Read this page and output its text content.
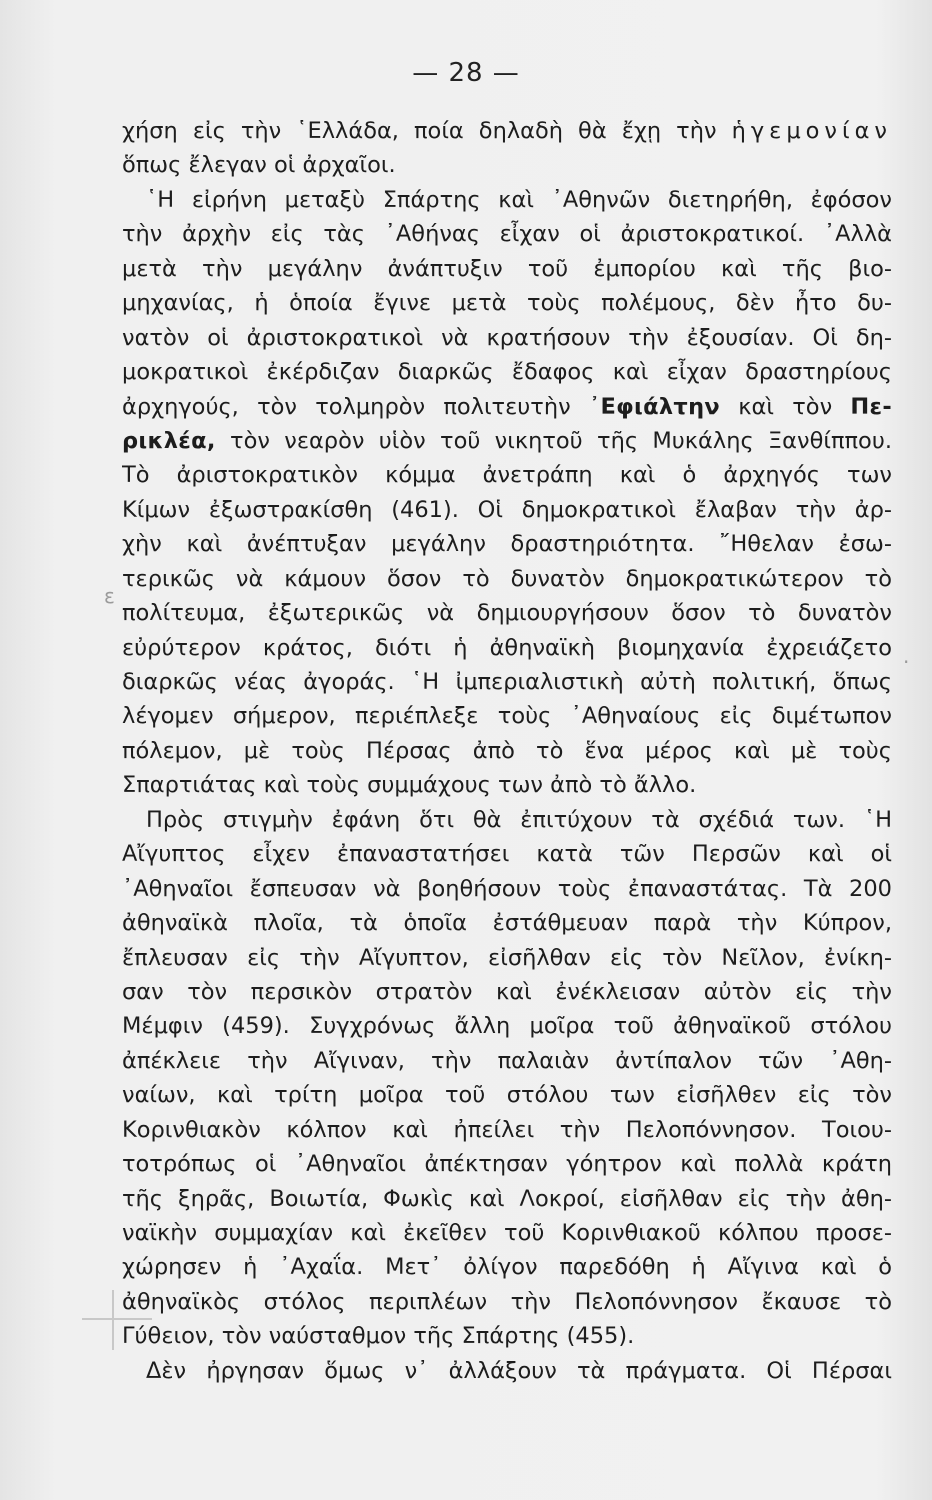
— 28 —
ε
·
χήση εἰς τὴν ῾Ελλάδα, ποία δηλαδὴ θὰ ἔχῃ τὴν ἡγεμονίαν
ὅπως ἔλεγαν οἱ ἀρχαῖοι.
῾Η εἰρήνη μεταξὺ Σπάρτης καὶ ᾿Αθηνῶν διετηρήθη, ἐφόσον
τὴν ἀρχὴν εἰς τὰς ᾿Αθήνας εἶχαν οἱ ἀριστοκρατικοί. ᾿Αλλὰ
μετὰ τὴν μεγάλην ἀνάπτυξιν τοῦ ἐμπορίου καὶ τῆς βιο-
μηχανίας, ἡ ὁποία ἔγινε μετὰ τοὺς πολέμους, δὲν ἦτο δυ-
νατὸν οἱ ἀριστοκρατικοὶ νὰ κρατήσουν τὴν ἐξουσίαν. Οἱ δη-
μοκρατικοὶ ἐκέρδιζαν διαρκῶς ἔδαφος καὶ εἶχαν δραστηρίους
ἀρχηγούς, τὸν τολμηρὸν πολιτευτὴν ᾿Εφιάλτην καὶ τὸν Πε-
ρικλέα, τὸν νεαρὸν υἱὸν τοῦ νικητοῦ τῆς Μυκάλης Ξανθίππου.
Τὸ ἀριστοκρατικὸν κόμμα ἀνετράπη καὶ ὁ ἀρχηγός των
Κίμων ἐξωστρακίσθη (461). Οἱ δημοκρατικοὶ ἔλαβαν τὴν ἀρ-
χὴν καὶ ἀνέπτυξαν μεγάλην δραστηριότητα. ῎Ηθελαν ἐσω-
τερικῶς νὰ κάμουν ὅσον τὸ δυνατὸν δημοκρατικώτερον τὸ
πολίτευμα, ἐξωτερικῶς νὰ δημιουργήσουν ὅσον τὸ δυνατὸν
εὐρύτερον κράτος, διότι ἡ ἀθηναϊκὴ βιομηχανία ἐχρειάζετο
διαρκῶς νέας ἀγοράς. ῾Η ἰμπεριαλιστικὴ αὐτὴ πολιτική, ὅπως
λέγομεν σήμερον, περιέπλεξε τοὺς ᾿Αθηναίους εἰς διμέτωπον
πόλεμον, μὲ τοὺς Πέρσας ἀπὸ τὸ ἕνα μέρος καὶ μὲ τοὺς
Σπαρτιάτας καὶ τοὺς συμμάχους των ἀπὸ τὸ ἄλλο.
Πρὸς στιγμὴν ἐφάνη ὅτι θὰ ἐπιτύχουν τὰ σχέδιά των. ῾Η
Αἴγυπτος εἶχεν ἐπαναστατήσει κατὰ τῶν Περσῶν καὶ οἱ
᾿Αθηναῖοι ἔσπευσαν νὰ βοηθήσουν τοὺς ἐπαναστάτας. Τὰ 200
ἀθηναϊκὰ πλοῖα, τὰ ὁποῖα ἐστάθμευαν παρὰ τὴν Κύπρον,
ἔπλευσαν εἰς τὴν Αἴγυπτον, εἰσῆλθαν εἰς τὸν Νεῖλον, ἐνίκη-
σαν τὸν περσικὸν στρατὸν καὶ ἐνέκλεισαν αὐτὸν εἰς τὴν
Μέμφιν (459). Συγχρόνως ἄλλη μοῖρα τοῦ ἀθηναϊκοῦ στόλου
ἀπέκλειε τὴν Αἴγιναν, τὴν παλαιὰν ἀντίπαλον τῶν ᾿Αθη-
ναίων, καὶ τρίτη μοῖρα τοῦ στόλου των εἰσῆλθεν εἰς τὸν
Κορινθιακὸν κόλπον καὶ ἠπείλει τὴν Πελοπόννησον. Τοιου-
τοτρόπως οἱ ᾿Αθηναῖοι ἀπέκτησαν γόητρον καὶ πολλὰ κράτη
τῆς ξηρᾶς, Βοιωτία, Φωκὶς καὶ Λοκροί, εἰσῆλθαν εἰς τὴν ἀθη-
ναϊκὴν συμμαχίαν καὶ ἐκεῖθεν τοῦ Κορινθιακοῦ κόλπου προσε-
χώρησεν ἡ ᾿Αχαΐα. Μετ᾿ ὀλίγον παρεδόθη ἡ Αἴγινα καὶ ὁ
ἀθηναϊκὸς στόλος περιπλέων τὴν Πελοπόννησον ἔκαυσε τὸ
Γύθειον, τὸν ναύσταθμον τῆς Σπάρτης (455).
Δὲν ἠργησαν ὅμως ν᾿ ἀλλάξουν τὰ πράγματα. Οἱ Πέρσαι
